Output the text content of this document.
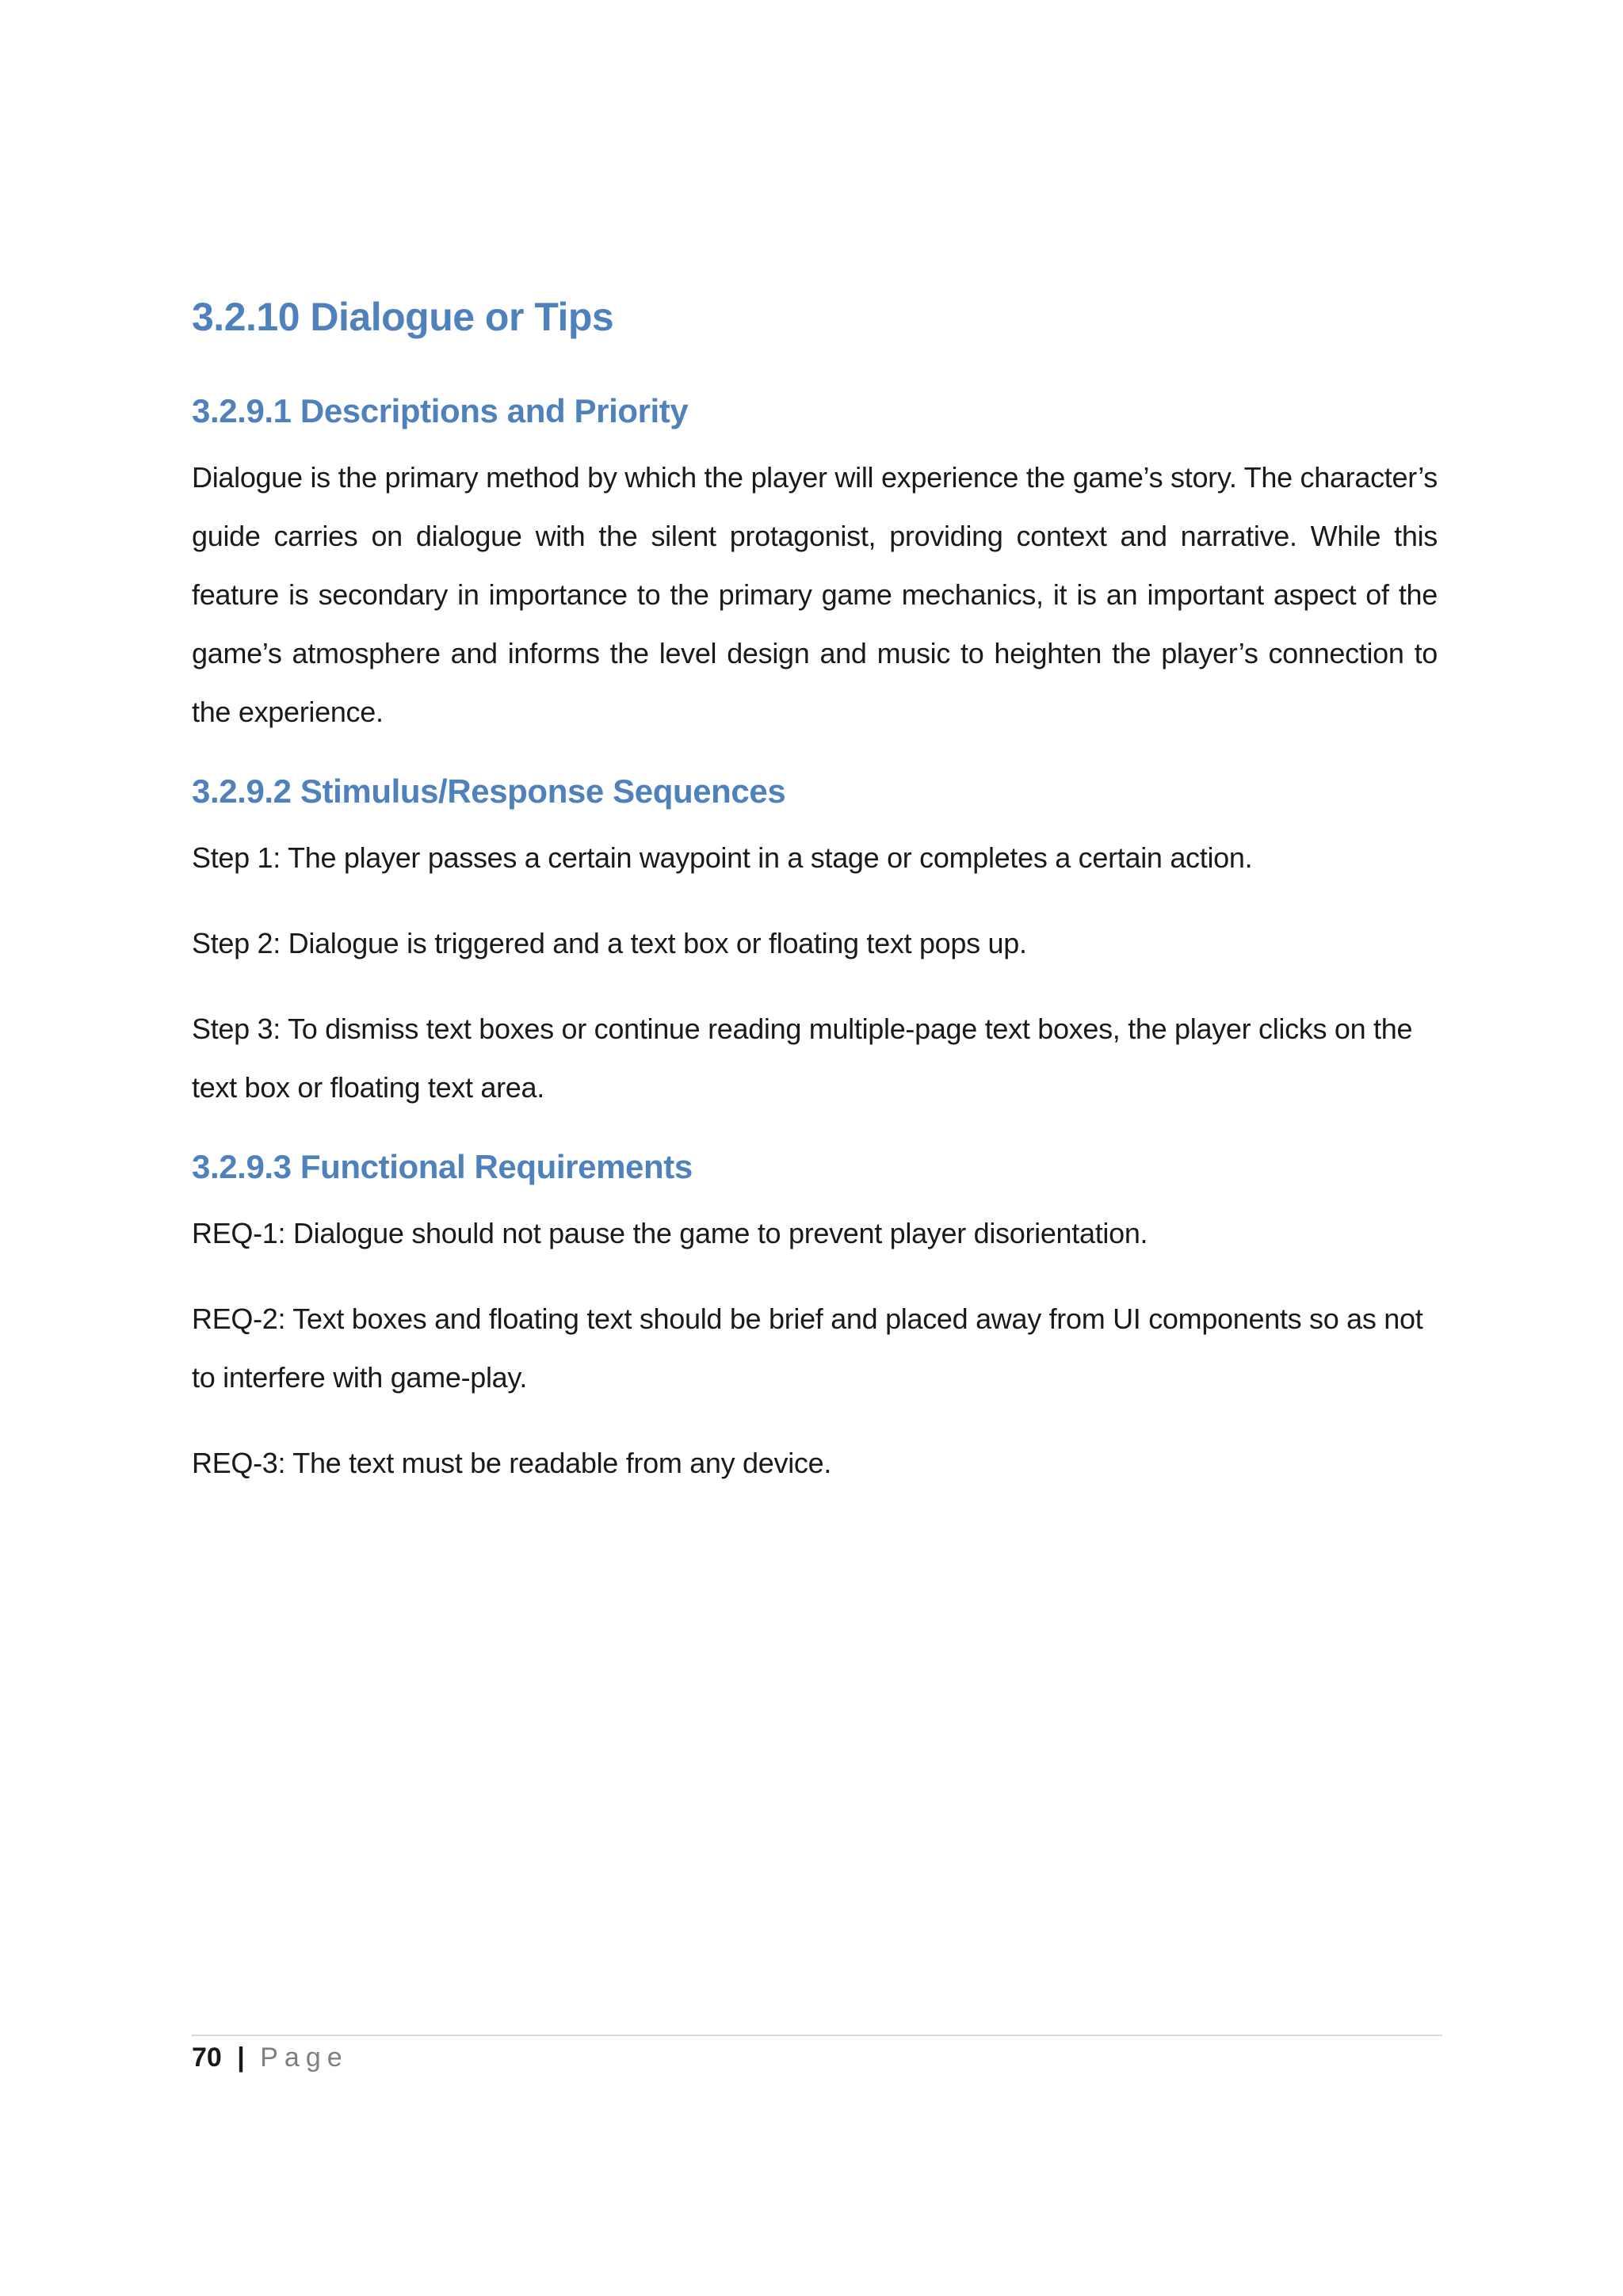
3.2.10 Dialogue or Tips
3.2.9.1 Descriptions and Priority

Dialogue is the primary method by which the player will experience the game’s story. The character’s guide carries on dialogue with the silent protagonist, providing context and narrative. While this feature is secondary in importance to the primary game mechanics, it is an important aspect of the game’s atmosphere and informs the level design and music to heighten the player’s connection to the experience.

3.2.9.2 Stimulus/Response Sequences

Step 1: The player passes a certain waypoint in a stage or completes a certain action.

Step 2: Dialogue is triggered and a text box or floating text pops up.

Step 3: To dismiss text boxes or continue reading multiple-page text boxes, the player clicks on the text box or floating text area.

3.2.9.3 Functional Requirements

REQ-1: Dialogue should not pause the game to prevent player disorientation.

REQ-2: Text boxes and floating text should be brief and placed away from UI components so as not to interfere with game-play.

REQ-3: The text must be readable from any device.

70 | Page
